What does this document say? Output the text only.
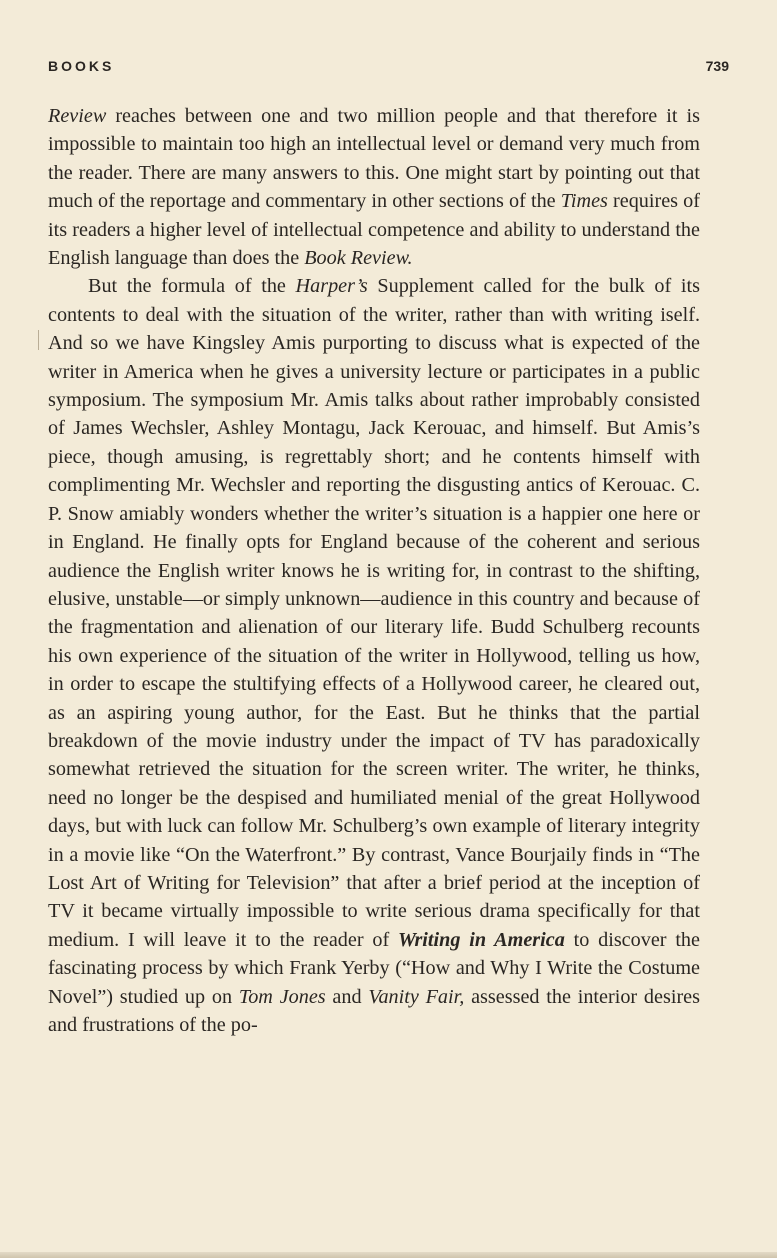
BOOKS	739

Review reaches between one and two million people and that therefore it is impossible to maintain too high an intellectual level or demand very much from the reader. There are many answers to this. One might start by pointing out that much of the reportage and commentary in other sections of the Times requires of its readers a higher level of intellectual competence and ability to understand the English language than does the Book Review.

But the formula of the Harper’s Supplement called for the bulk of its contents to deal with the situation of the writer, rather than with writing iself. And so we have Kingsley Amis purporting to discuss what is expected of the writer in America when he gives a university lecture or participates in a public symposium. The symposium Mr. Amis talks about rather improbably consisted of James Wechsler, Ashley Montagu, Jack Kerouac, and himself. But Amis’s piece, though amusing, is regrettably short; and he contents himself with complimenting Mr. Wechsler and reporting the disgusting antics of Kerouac. C. P. Snow amiably wonders whether the writer’s situation is a happier one here or in England. He finally opts for England because of the coherent and serious audience the English writer knows he is writing for, in contrast to the shifting, elusive, unstable—or simply unknown—audience in this country and because of the fragmentation and alienation of our literary life. Budd Schulberg recounts his own experience of the situation of the writer in Hollywood, telling us how, in order to escape the stultifying effects of a Hollywood career, he cleared out, as an aspiring young author, for the East. But he thinks that the partial breakdown of the movie industry under the impact of TV has paradoxically somewhat retrieved the situation for the screen writer. The writer, he thinks, need no longer be the despised and humiliated menial of the great Hollywood days, but with luck can follow Mr. Schulberg’s own example of literary integrity in a movie like “On the Waterfront.” By contrast, Vance Bourjaily finds in “The Lost Art of Writing for Television” that after a brief period at the inception of TV it became virtually impossible to write serious drama specifically for that medium. I will leave it to the reader of Writing in America to discover the fascinating process by which Frank Yerby (“How and Why I Write the Costume Novel”) studied up on Tom Jones and Vanity Fair, assessed the interior desires and frustrations of the po-
